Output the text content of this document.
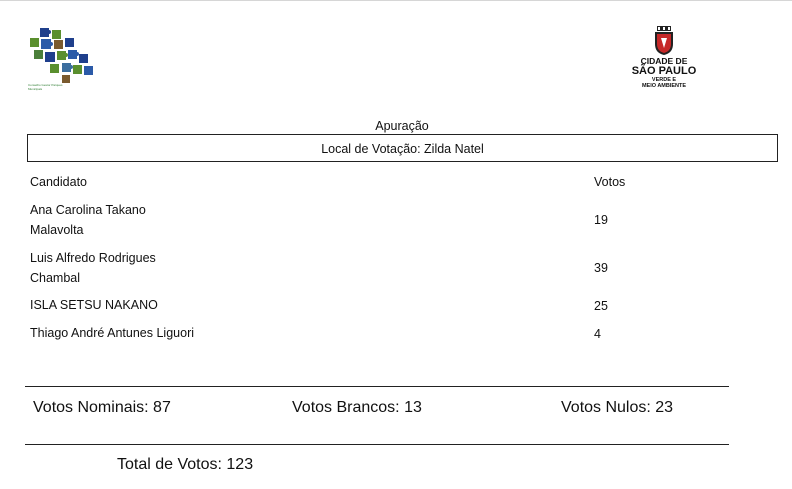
Conselho Gestor Parques Municipais
CIDADE DE
SÃO PAULO
VERDE E
MEIO AMBIENTE
Apuração
Local de Votação: Zilda Natel
Candidato	Votos
Ana Carolina Takano
Malavolta
19
Luis Alfredo Rodrigues
Chambal
39
ISLA SETSU NAKANO	25
Thiago André Antunes Liguori	4
Votos Nominais: 87	Votos Brancos: 13	Votos Nulos: 23
Total de Votos: 123
